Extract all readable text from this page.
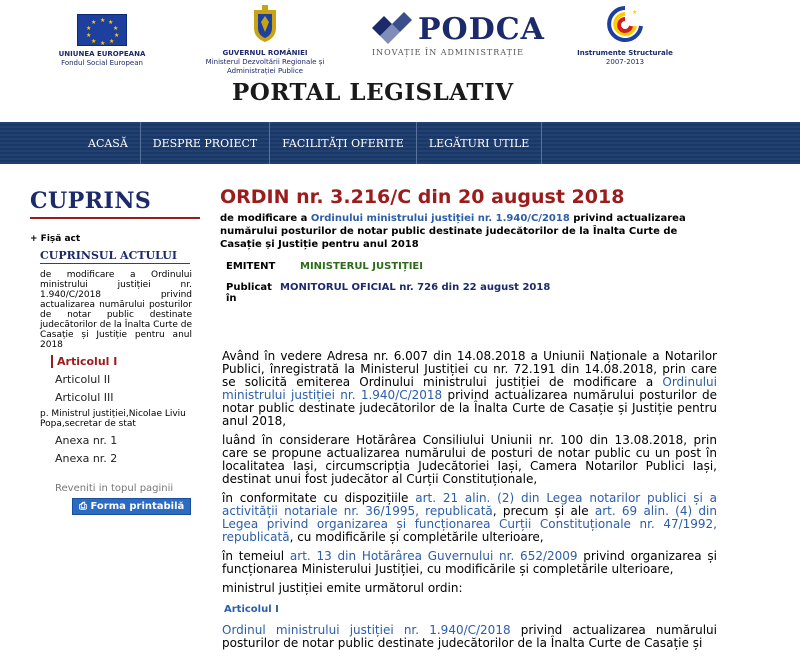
★ ★
★
★
★
★
★
★
★
★
UNIUNEA EUROPEANA
Fondul Social European
GUVERNUL ROMÂNIEI
Ministerul Dezvoltării Regionale și Administrației Publice
PODCA
INOVAȚIE ÎN ADMINISTRAȚIE
★
Instrumente Structurale
2007-2013
PORTAL LEGISLATIV
ACASĂ	DESPRE PROIECT	FACILITĂȚI OFERITE	LEGĂTURI UTILE
CUPRINS
+ Fișă act
CUPRINSUL ACTULUI
de modificare a Ordinului ministrului justiției nr. 1.940/C/2018 privind actualizarea numărului posturilor de notar public destinate judecătorilor de la Înalta Curte de Casație și Justiție pentru anul 2018
Articolul I
Articolul II
Articolul III
p. Ministrul justiției,Nicolae Liviu Popa,secretar de stat
Anexa nr. 1
Anexa nr. 2
Reveniti in topul paginii
⎙ Forma printabilă
ORDIN nr. 3.216/C din 20 august 2018
de modificare a Ordinului ministrului justiției nr. 1.940/C/2018 privind actualizarea numărului posturilor de notar public destinate judecătorilor de la Înalta Curte de Casație și Justiție pentru anul 2018
EMITENT	MINISTERUL JUSTIȚIEI
Publicat în
MONITORUL OFICIAL nr. 726 din 22 august 2018

Având în vedere Adresa nr. 6.007 din 14.08.2018 a Uniunii Naționale a Notarilor Publici, înregistrată la Ministerul Justiției cu nr. 72.191 din 14.08.2018, prin care se solicită emiterea Ordinului ministrului justiției de modificare a Ordinului ministrului justiției nr. 1.940/C/2018 privind actualizarea numărului posturilor de notar public destinate judecătorilor de la Înalta Curte de Casație și Justiție pentru anul 2018,

luând în considerare Hotărârea Consiliului Uniunii nr. 100 din 13.08.2018, prin care se propune actualizarea numărului de posturi de notar public cu un post în localitatea Iași, circumscripția Judecătoriei Iași, Camera Notarilor Publici Iași, destinat unui fost judecător al Curții Constituționale,

în conformitate cu dispozițiile art. 21 alin. (2) din Legea notarilor publici și a activității notariale nr. 36/1995, republicată, precum și ale art. 69 alin. (4) din Legea privind organizarea și funcționarea Curții Constituționale nr. 47/1992, republicată, cu modificările și completările ulterioare,

în temeiul art. 13 din Hotărârea Guvernului nr. 652/2009 privind organizarea și funcționarea Ministerului Justiției, cu modificările și completările ulterioare,

ministrul justiției emite următorul ordin:

Articolul I

Ordinul ministrului justiției nr. 1.940/C/2018 privind actualizarea numărului posturilor de notar public destinate judecătorilor de la Înalta Curte de Casație și
